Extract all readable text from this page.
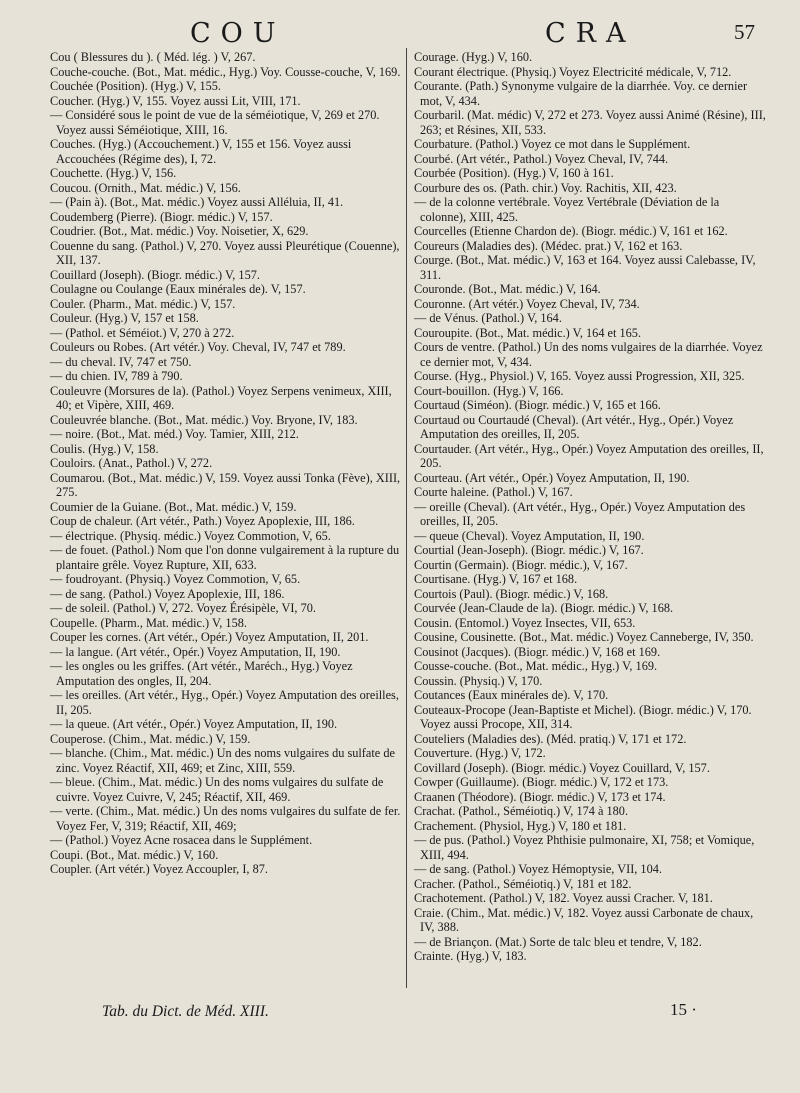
COU	CRA	57

Cou ( Blessures du ). ( Méd. lég. ) V, 267.

Couche-couche. (Bot., Mat. médic., Hyg.) Voy. Cousse-couche, V, 169.

Couchée (Position). (Hyg.) V, 155.

Coucher. (Hyg.) V, 155. Voyez aussi Lit, VIII, 171.

— Considéré sous le point de vue de la séméiotique, V, 269 et 270. Voyez aussi Séméiotique, XIII, 16.

Couches. (Hyg.) (Accouchement.) V, 155 et 156. Voyez aussi Accouchées (Régime des), I, 72.

Couchette. (Hyg.) V, 156.

Coucou. (Ornith., Mat. médic.) V, 156.

— (Pain à). (Bot., Mat. médic.) Voyez aussi Alléluia, II, 41.

Coudemberg (Pierre). (Biogr. médic.) V, 157.

Coudrier. (Bot., Mat. médic.) Voy. Noisetier, X, 629.

Couenne du sang. (Pathol.) V, 270. Voyez aussi Pleurétique (Couenne), XII, 137.

Couillard (Joseph). (Biogr. médic.) V, 157.

Coulagne ou Coulange (Eaux minérales de). V, 157.

Couler. (Pharm., Mat. médic.) V, 157.

Couleur. (Hyg.) V, 157 et 158.

— (Pathol. et Séméiot.) V, 270 à 272.

Couleurs ou Robes. (Art vétér.) Voy. Cheval, IV, 747 et 789.

— du cheval. IV, 747 et 750.

— du chien. IV, 789 à 790.

Couleuvre (Morsures de la). (Pathol.) Voyez Serpens venimeux, XIII, 40; et Vipère, XIII, 469.

Couleuvrée blanche. (Bot., Mat. médic.) Voy. Bryone, IV, 183.

— noire. (Bot., Mat. méd.) Voy. Tamier, XIII, 212.

Coulis. (Hyg.) V, 158.

Couloirs. (Anat., Pathol.) V, 272.

Coumarou. (Bot., Mat. médic.) V, 159. Voyez aussi Tonka (Fève), XIII, 275.

Coumier de la Guiane. (Bot., Mat. médic.) V, 159.

Coup de chaleur. (Art vétér., Path.) Voyez Apoplexie, III, 186.

— électrique. (Physiq. médic.) Voyez Commotion, V, 65.

— de fouet. (Pathol.) Nom que l'on donne vulgairement à la rupture du plantaire grêle. Voyez Rupture, XII, 633.

— foudroyant. (Physiq.) Voyez Commotion, V, 65.

— de sang. (Pathol.) Voyez Apoplexie, III, 186.

— de soleil. (Pathol.) V, 272. Voyez Érésipèle, VI, 70.

Coupelle. (Pharm., Mat. médic.) V, 158.

Couper les cornes. (Art vétér., Opér.) Voyez Amputation, II, 201.

— la langue. (Art vétér., Opér.) Voyez Amputation, II, 190.

— les ongles ou les griffes. (Art vétér., Maréch., Hyg.) Voyez Amputation des ongles, II, 204.

— les oreilles. (Art vétér., Hyg., Opér.) Voyez Amputation des oreilles, II, 205.

— la queue. (Art vétér., Opér.) Voyez Amputation, II, 190.

Couperose. (Chim., Mat. médic.) V, 159.

— blanche. (Chim., Mat. médic.) Un des noms vulgaires du sulfate de zinc. Voyez Réactif, XII, 469; et Zinc, XIII, 559.

— bleue. (Chim., Mat. médic.) Un des noms vulgaires du sulfate de cuivre. Voyez Cuivre, V, 245; Réactif, XII, 469.

— verte. (Chim., Mat. médic.) Un des noms vulgaires du sulfate de fer. Voyez Fer, V, 319; Réactif, XII, 469;

— (Pathol.) Voyez Acne rosacea dans le Supplément.

Coupi. (Bot., Mat. médic.) V, 160.

Coupler. (Art vétér.) Voyez Accoupler, I, 87.

Courage. (Hyg.) V, 160.

Courant électrique. (Physiq.) Voyez Electricité médicale, V, 712.

Courante. (Path.) Synonyme vulgaire de la diarrhée. Voy. ce dernier mot, V, 434.

Courbaril. (Mat. médic) V, 272 et 273. Voyez aussi Animé (Résine), III, 263; et Résines, XII, 533.

Courbature. (Pathol.) Voyez ce mot dans le Supplément.

Courbé. (Art vétér., Pathol.) Voyez Cheval, IV, 744.

Courbée (Position). (Hyg.) V, 160 à 161.

Courbure des os. (Path. chir.) Voy. Rachitis, XII, 423.

— de la colonne vertébrale. Voyez Vertébrale (Déviation de la colonne), XIII, 425.

Courcelles (Etienne Chardon de). (Biogr. médic.) V, 161 et 162.

Coureurs (Maladies des). (Médec. prat.) V, 162 et 163.

Courge. (Bot., Mat. médic.) V, 163 et 164. Voyez aussi Calebasse, IV, 311.

Couronde. (Bot., Mat. médic.) V, 164.

Couronne. (Art vétér.) Voyez Cheval, IV, 734.

— de Vénus. (Pathol.) V, 164.

Couroupite. (Bot., Mat. médic.) V, 164 et 165.

Cours de ventre. (Pathol.) Un des noms vulgaires de la diarrhée. Voyez ce dernier mot, V, 434.

Course. (Hyg., Physiol.) V, 165. Voyez aussi Progression, XII, 325.

Court-bouillon. (Hyg.) V, 166.

Courtaud (Siméon). (Biogr. médic.) V, 165 et 166.

Courtaud ou Courtaudé (Cheval). (Art vétér., Hyg., Opér.) Voyez Amputation des oreilles, II, 205.

Courtauder. (Art vétér., Hyg., Opér.) Voyez Amputation des oreilles, II, 205.

Courteau. (Art vétér., Opér.) Voyez Amputation, II, 190.

Courte haleine. (Pathol.) V, 167.

— oreille (Cheval). (Art vétér., Hyg., Opér.) Voyez Amputation des oreilles, II, 205.

— queue (Cheval). Voyez Amputation, II, 190.

Courtial (Jean-Joseph). (Biogr. médic.) V, 167.

Courtin (Germain). (Biogr. médic.), V, 167.

Courtisane. (Hyg.) V, 167 et 168.

Courtois (Paul). (Biogr. médic.) V, 168.

Courvée (Jean-Claude de la). (Biogr. médic.) V, 168.

Cousin. (Entomol.) Voyez Insectes, VII, 653.

Cousine, Cousinette. (Bot., Mat. médic.) Voyez Canneberge, IV, 350.

Cousinot (Jacques). (Biogr. médic.) V, 168 et 169.

Cousse-couche. (Bot., Mat. médic., Hyg.) V, 169.

Coussin. (Physiq.) V, 170.

Coutances (Eaux minérales de). V, 170.

Couteaux-Procope (Jean-Baptiste et Michel). (Biogr. médic.) V, 170. Voyez aussi Procope, XII, 314.

Couteliers (Maladies des). (Méd. pratiq.) V, 171 et 172.

Couverture. (Hyg.) V, 172.

Covillard (Joseph). (Biogr. médic.) Voyez Couillard, V, 157.

Cowper (Guillaume). (Biogr. médic.) V, 172 et 173.

Craanen (Théodore). (Biogr. médic.) V, 173 et 174.

Crachat. (Pathol., Séméiotiq.) V, 174 à 180.

Crachement. (Physiol, Hyg.) V, 180 et 181.

— de pus. (Pathol.) Voyez Phthisie pulmonaire, XI, 758; et Vomique, XIII, 494.

— de sang. (Pathol.) Voyez Hémoptysie, VII, 104.

Cracher. (Pathol., Séméiotiq.) V, 181 et 182.

Crachotement. (Pathol.) V, 182. Voyez aussi Cracher. V, 181.

Craie. (Chim., Mat. médic.) V, 182. Voyez aussi Carbonate de chaux, IV, 388.

— de Briançon. (Mat.) Sorte de talc bleu et tendre, V, 182.

Crainte. (Hyg.) V, 183.

Tab. du Dict. de Méd. XIII.	15 ·
